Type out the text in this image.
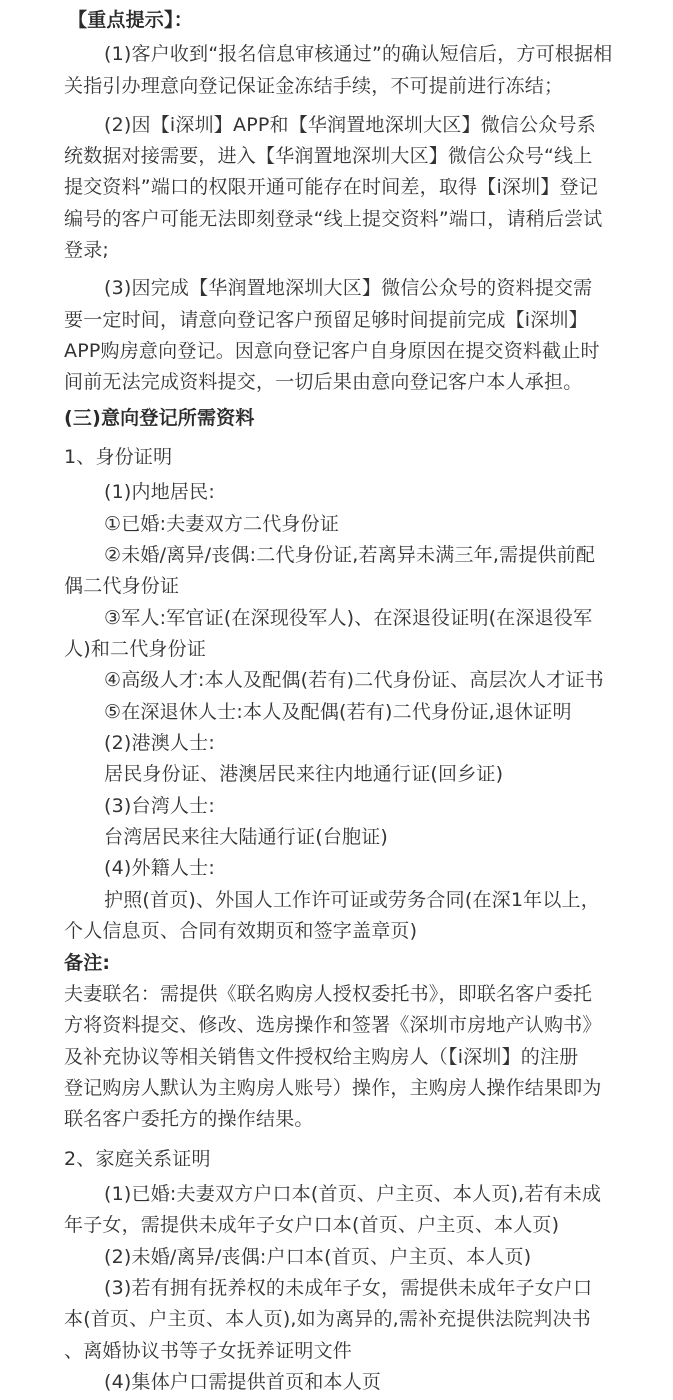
【重点提示】：
(1)客户收到“报名信息审核通过”的确认短信后，方可根据相
关指引办理意向登记保证金冻结手续，不可提前进行冻结；
(2)因【i深圳】APP和【华润置地深圳大区】微信公众号系
统数据对接需要，进入【华润置地深圳大区】微信公众号“线上
提交资料”端口的权限开通可能存在时间差，取得【i深圳】登记
编号的客户可能无法即刻登录“线上提交资料”端口，请稍后尝试
登录;
(3)因完成【华润置地深圳大区】微信公众号的资料提交需
要一定时间，请意向登记客户预留足够时间提前完成【i深圳】
APP购房意向登记。因意向登记客户自身原因在提交资料截止时
间前无法完成资料提交，一切后果由意向登记客户本人承担。
(三)意向登记所需资料
1、身份证明
(1)内地居民:
①已婚:夫妻双方二代身份证
②未婚/离异/丧偶:二代身份证,若离异未满三年,需提供前配
偶二代身份证
③军人:军官证(在深现役军人)、在深退役证明(在深退役军
人)和二代身份证
④高级人才:本人及配偶(若有)二代身份证、高层次人才证书
⑤在深退休人士:本人及配偶(若有)二代身份证,退休证明
(2)港澳人士:
居民身份证、港澳居民来往内地通行证(回乡证)
(3)台湾人士:
台湾居民来往大陆通行证(台胞证)
(4)外籍人士:
护照(首页)、外国人工作许可证或劳务合同(在深1年以上，
个人信息页、合同有效期页和签字盖章页)
备注:
夫妻联名：需提供《联名购房人授权委托书》，即联名客户委托
方将资料提交、修改、选房操作和签署《深圳市房地产认购书》
及补充协议等相关销售文件授权给主购房人（【i深圳】的注册
登记购房人默认为主购房人账号）操作，主购房人操作结果即为
联名客户委托方的操作结果。
2、家庭关系证明
(1)已婚:夫妻双方户口本(首页、户主页、本人页),若有未成
年子女，需提供未成年子女户口本(首页、户主页、本人页)
(2)未婚/离异/丧偶:户口本(首页、户主页、本人页)
(3)若有拥有抚养权的未成年子女，需提供未成年子女户口
本(首页、户主页、本人页),如为离异的,需补充提供法院判决书
、离婚协议书等子女抚养证明文件
(4)集体户口需提供首页和本人页
